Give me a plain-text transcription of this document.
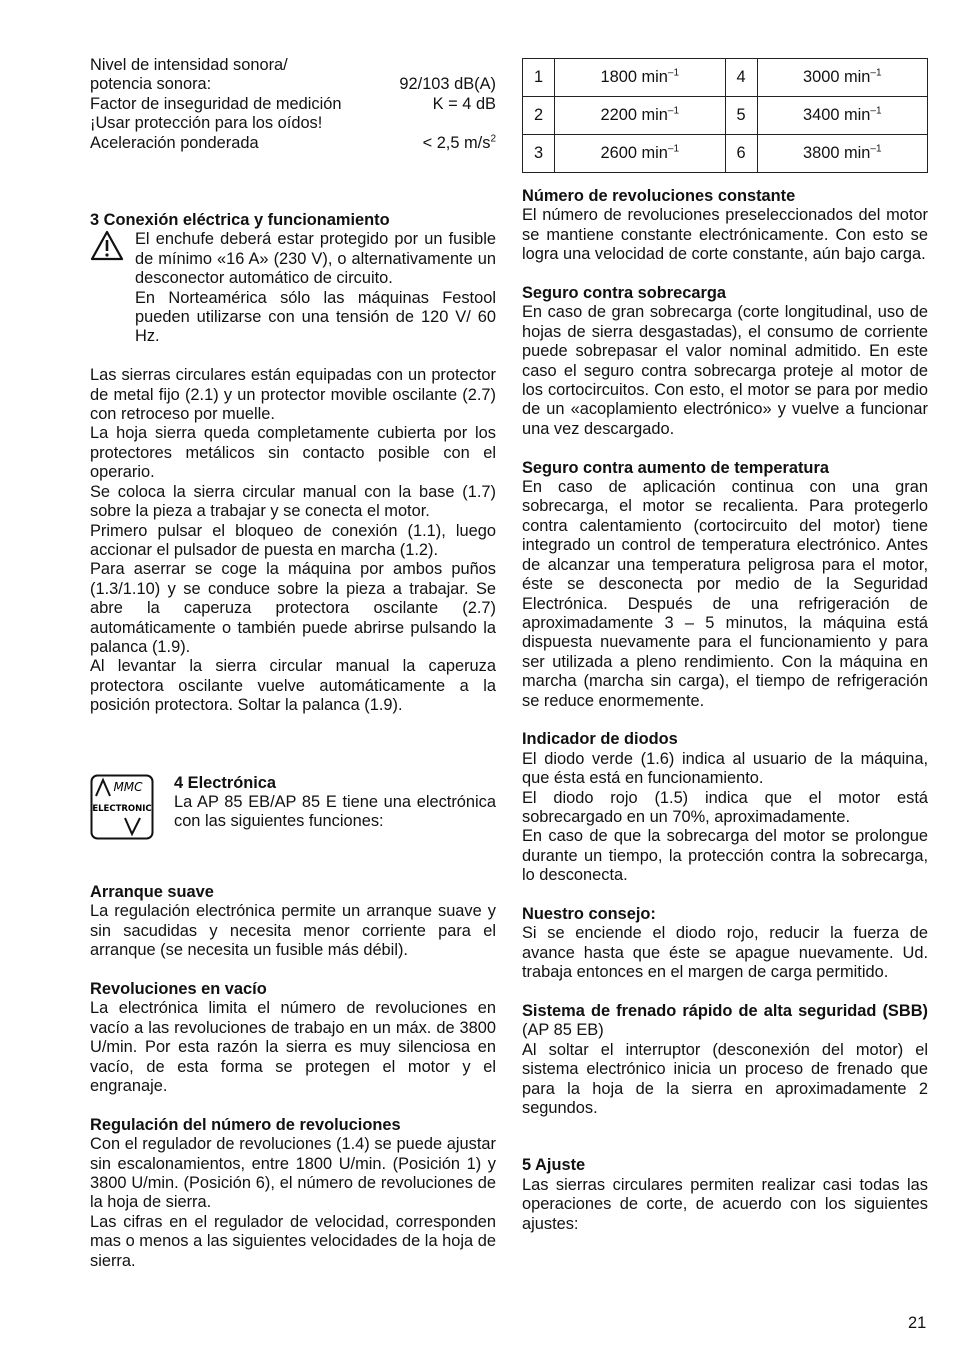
Nivel de intensidad sonora/

potencia sonora:	92/103 dB(A)
Factor de inseguridad de medición	K = 4 dB

¡Usar protección para los oídos!

Aceleración ponderada	< 2,5 $m/s^2$

3 Conexión eléctrica y funcionamiento

El enchufe deberá estar protegido por un fusible de mínimo «16 A» (230 V), o alternativamente un desconector automático de circuito.

En Norteamérica sólo las máquinas Festool pueden utilizarse con una tensión de 120 V/ 60 Hz.

Las sierras circulares están equipadas con un protector de metal fijo (2.1) y un protector movible oscilante (2.7) con retroceso por muelle.

La hoja sierra queda completamente cubierta por los protectores metálicos sin contacto posible con el operario.

Se coloca la sierra circular manual con la base (1.7) sobre la pieza a trabajar y se conecta el motor.

Primero pulsar el bloqueo de conexión (1.1), luego accionar el pulsador de puesta en marcha (1.2).

Para aserrar se coge la máquina por ambos puños (1.3/1.10) y se conduce sobre la pieza a trabajar. Se abre la caperuza protectora oscilante (2.7) automáticamente o también puede abrirse pulsando la palanca (1.9).

Al levantar la sierra circular manual la caperuza protectora oscilante vuelve automáticamente a la posición protectora. Soltar la palanca (1.9).

MMC
ELECTRONIC

4 Electrónica

La AP 85 EB/AP 85 E tiene una electrónica con las siguientes funciones:

Arranque suave

La regulación electrónica permite un arranque suave y sin sacudidas y necesita menor corriente para el arranque (se necesita un fusible más débil).

Revoluciones en vacío

La electrónica limita el número de revoluciones en vacío a las revoluciones de trabajo en un máx. de 3800 U/min. Por esta razón la sierra es muy silenciosa en vacío, de esta forma se protegen el motor y el engranaje.

Regulación del número de revoluciones

Con el regulador de revoluciones (1.4) se puede ajustar sin escalonamientos, entre 1800 U/min. (Posición 1) y 3800 U/min. (Posición 6), el número de revoluciones de la hoja de sierra.

Las cifras en el regulador de velocidad, corresponden mas o menos a las siguientes velocidades de la hoja de sierra.

1	1800 $\min^{-1}$	4	3000 $\min^{-1}$
2	2200 $\min^{-1}$	5	3400 $\min^{-1}$
3	2600 $\min^{-1}$	6	3800 $\min^{-1}$

Número de revoluciones constante

El número de revoluciones preseleccionados del motor se mantiene constante electrónicamente. Con esto se logra una velocidad de corte constante, aún bajo carga.

Seguro contra sobrecarga

En caso de gran sobrecarga (corte longitudinal, uso de hojas de sierra desgastadas), el consumo de corriente puede sobrepasar el valor nominal admitido. En este caso el seguro contra sobrecarga proteje al motor de los cortocircuitos. Con esto, el motor se para por medio de un «acoplamiento electrónico» y vuelve a funcionar una vez descargado.

Seguro contra aumento de temperatura

En caso de aplicación continua con una gran sobrecarga, el motor se recalienta. Para protegerlo contra calentamiento (cortocircuito del motor) tiene integrado un control de temperatura electrónico. Antes de alcanzar una temperatura peligrosa para el motor, éste se desconecta por medio de la Seguridad Electrónica. Después de una refrigeración de aproximadamente 3 – 5 minutos, la máquina está dispuesta nuevamente para el funcionamiento y para ser utilizada a pleno rendimiento. Con la máquina en marcha (marcha sin carga), el tiempo de refrigeración se reduce enormemente.

Indicador de diodos

El diodo verde (1.6) indica al usuario de la máquina, que ésta está en funcionamiento.

El diodo rojo (1.5) indica que el motor está sobrecargado en un 70%, aproximadamente.

En caso de que la sobrecarga del motor se prolongue durante un tiempo, la protección contra la sobrecarga, lo desconecta.

Nuestro consejo:

Si se enciende el diodo rojo, reducir la fuerza de avance hasta que éste se apague nuevamente. Ud. trabaja entonces en el margen de carga permitido.

Sistema de frenado rápido de alta seguridad (SBB) (AP 85 EB)

Al soltar el interruptor (desconexión del motor) el sistema electrónico inicia un proceso de frenado que para la hoja de la sierra en aproximadamente 2 segundos.

5 Ajuste

Las sierras circulares permiten realizar casi todas las operaciones de corte, de acuerdo con los siguientes ajustes:

21
